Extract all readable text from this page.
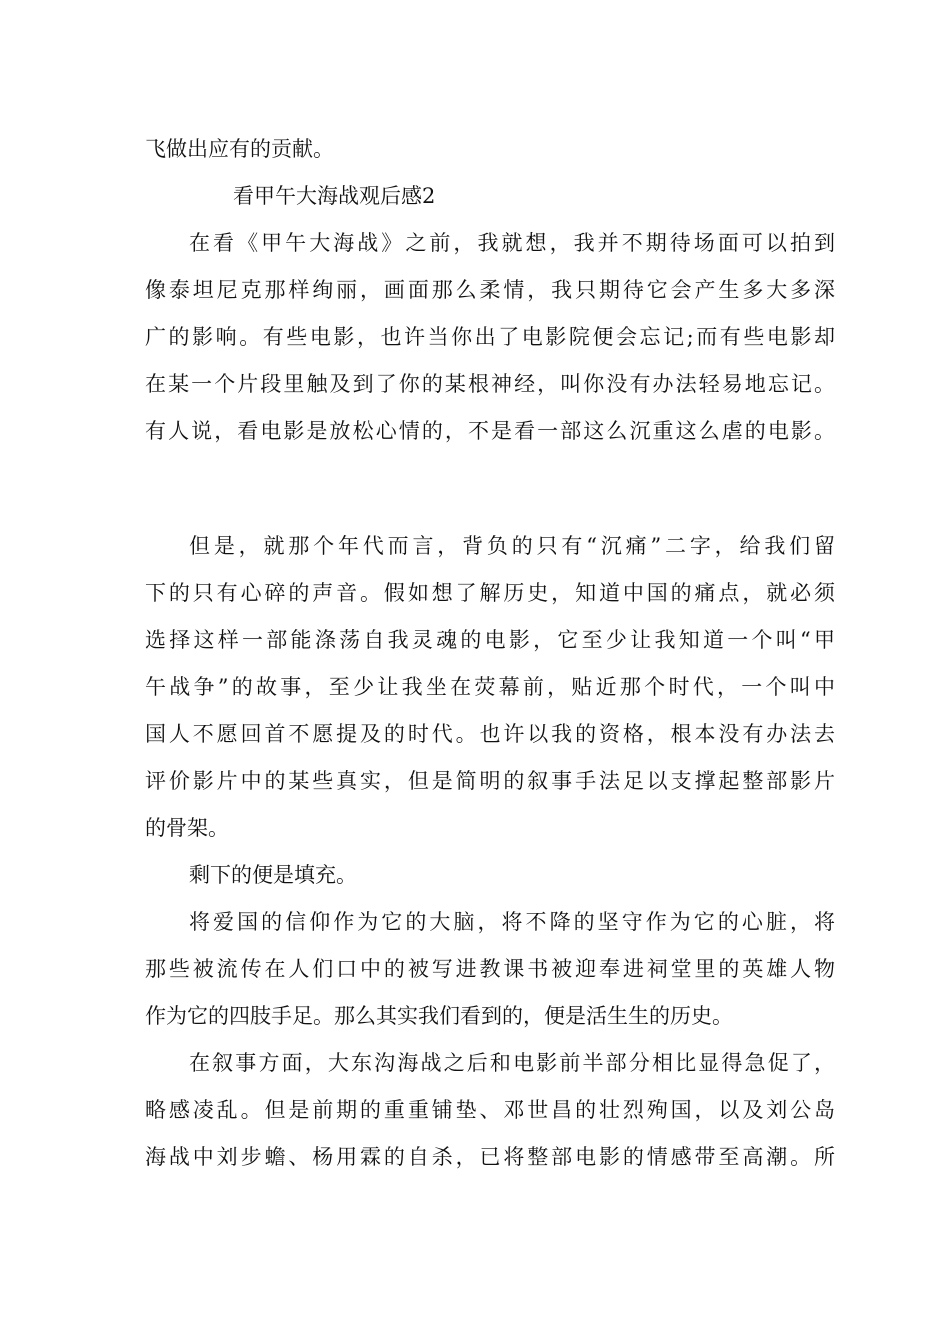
飞做出应有的贡献。
看甲午大海战观后感2
在看《甲午大海战》之前，我就想，我并不期待场面可以拍到
像泰坦尼克那样绚丽，画面那么柔情，我只期待它会产生多大多深
广的影响。有些电影，也许当你出了电影院便会忘记;而有些电影却
在某一个片段里触及到了你的某根神经，叫你没有办法轻易地忘记。
有人说，看电影是放松心情的，不是看一部这么沉重这么虐的电影。
但是，就那个年代而言，背负的只有“沉痛”二字，给我们留
下的只有心碎的声音。假如想了解历史，知道中国的痛点，就必须
选择这样一部能涤荡自我灵魂的电影，它至少让我知道一个叫“甲
午战争”的故事，至少让我坐在荧幕前，贴近那个时代，一个叫中
国人不愿回首不愿提及的时代。也许以我的资格，根本没有办法去
评价影片中的某些真实，但是简明的叙事手法足以支撑起整部影片
的骨架。
剩下的便是填充。
将爱国的信仰作为它的大脑，将不降的坚守作为它的心脏，将
那些被流传在人们口中的被写进教课书被迎奉进祠堂里的英雄人物
作为它的四肢手足。那么其实我们看到的，便是活生生的历史。
在叙事方面，大东沟海战之后和电影前半部分相比显得急促了，
略感凌乱。但是前期的重重铺垫、邓世昌的壮烈殉国，以及刘公岛
海战中刘步蟾、杨用霖的自杀，已将整部电影的情感带至高潮。所
